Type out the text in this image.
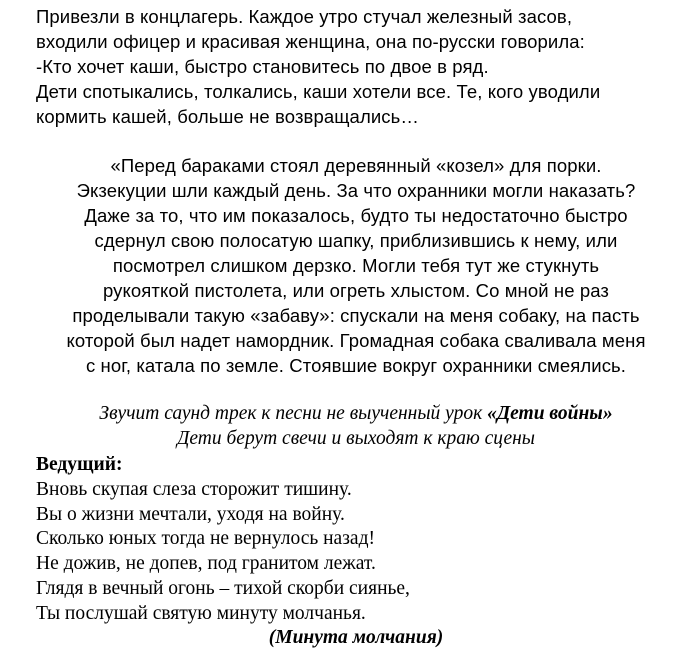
Привезли в концлагерь. Каждое утро стучал железный засов,
входили офицер и красивая женщина, она по-русски говорила:
-Кто хочет каши, быстро становитесь по двое в ряд.
Дети спотыкались, толкались, каши хотели все. Те, кого уводили
кормить кашей, больше не возвращались…
«Перед бараками стоял деревянный «козел» для порки.
Экзекуции шли каждый день. За что охранники могли наказать?
Даже за то, что им показалось, будто ты недостаточно быстро
сдернул свою полосатую шапку, приблизившись к нему, или
посмотрел слишком дерзко. Могли тебя тут же стукнуть
рукояткой пистолета, или огреть хлыстом. Со мной не раз
проделывали такую «забаву»: спускали на меня собаку, на пасть
которой был надет намордник. Громадная собака сваливала меня
с ног, катала по земле. Стоявшие вокруг охранники смеялись.
Звучит саунд трек к песни не выученный урок «Дети войны»
Дети берут свечи и выходят к краю сцены
Ведущий:
Вновь скупая слеза сторожит тишину.
Вы о жизни мечтали, уходя на войну.
Сколько юных тогда не вернулось назад!
Не дожив, не допев, под гранитом лежат.
Глядя в вечный огонь – тихой скорби сиянье,
Ты послушай святую минуту молчанья.
(Минута молчания)
